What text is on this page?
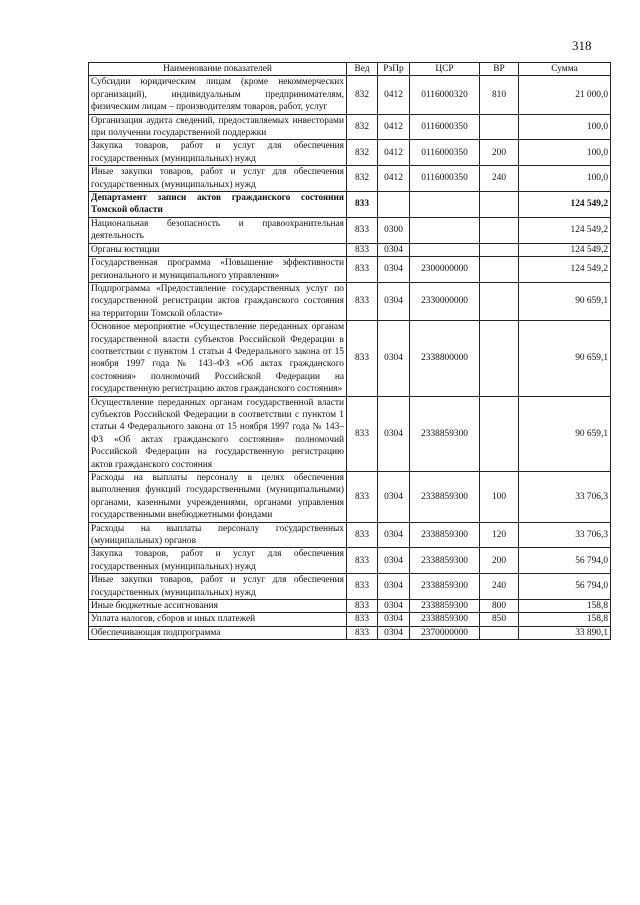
318
Наименование показателей	Вед	РзПр	ЦСР	ВР	Сумма
Субсидии юридическим лицам (кроме некоммерческих организаций), индивидуальным предпринимателям, физическим лицам – производителям товаров, работ, услуг	832	0412	0116000320	810	21 000,0
Организация аудита сведений, предоставляемых инвесторами при получении государственной поддержки	832	0412	0116000350		100,0
Закупка товаров, работ и услуг для обеспечения государственных (муниципальных) нужд	832	0412	0116000350	200	100,0
Иные закупки товаров, работ и услуг для обеспечения государственных (муниципальных) нужд	832	0412	0116000350	240	100,0
Департамент записи актов гражданского состояния Томской области	833				124 549,2
Национальная безопасность и правоохранительная деятельность	833	0300			124 549,2
Органы юстиции	833	0304			124 549,2
Государственная программа «Повышение эффективности регионального и муниципального управления»	833	0304	2300000000		124 549,2
Подпрограмма «Предоставление государственных услуг по государственной регистрации актов гражданского состояния на территории Томской области»	833	0304	2330000000		90 659,1
Основное мероприятие «Осуществление переданных органам государственной власти субъектов Российской Федерации в соответствии с пунктом 1 статьи 4 Федерального закона от 15 ноября 1997 года № 143–ФЗ «Об актах гражданского состояния» полномочий Российской Федерации на государственную регистрацию актов гражданского состояния»	833	0304	2338800000		90 659,1
Осуществление переданных органам государственной власти субъектов Российской Федерации в соответствии с пунктом 1 статьи 4 Федерального закона от 15 ноября 1997 года № 143–ФЗ «Об актах гражданского состояния» полномочий Российской Федерации на государственную регистрацию актов гражданского состояния	833	0304	2338859300		90 659,1
Расходы на выплаты персоналу в целях обеспечения выполнения функций государственными (муниципальными) органами, казенными учреждениями, органами управления государственными внебюджетными фондами	833	0304	2338859300	100	33 706,3
Расходы на выплаты персоналу государственных (муниципальных) органов	833	0304	2338859300	120	33 706,3
Закупка товаров, работ и услуг для обеспечения государственных (муниципальных) нужд	833	0304	2338859300	200	56 794,0
Иные закупки товаров, работ и услуг для обеспечения государственных (муниципальных) нужд	833	0304	2338859300	240	56 794,0
Иные бюджетные ассигнования	833	0304	2338859300	800	158,8
Уплата налогов, сборов и иных платежей	833	0304	2338859300	850	158,8
Обеспечивающая подпрограмма	833	0304	2370000000		33 890,1
